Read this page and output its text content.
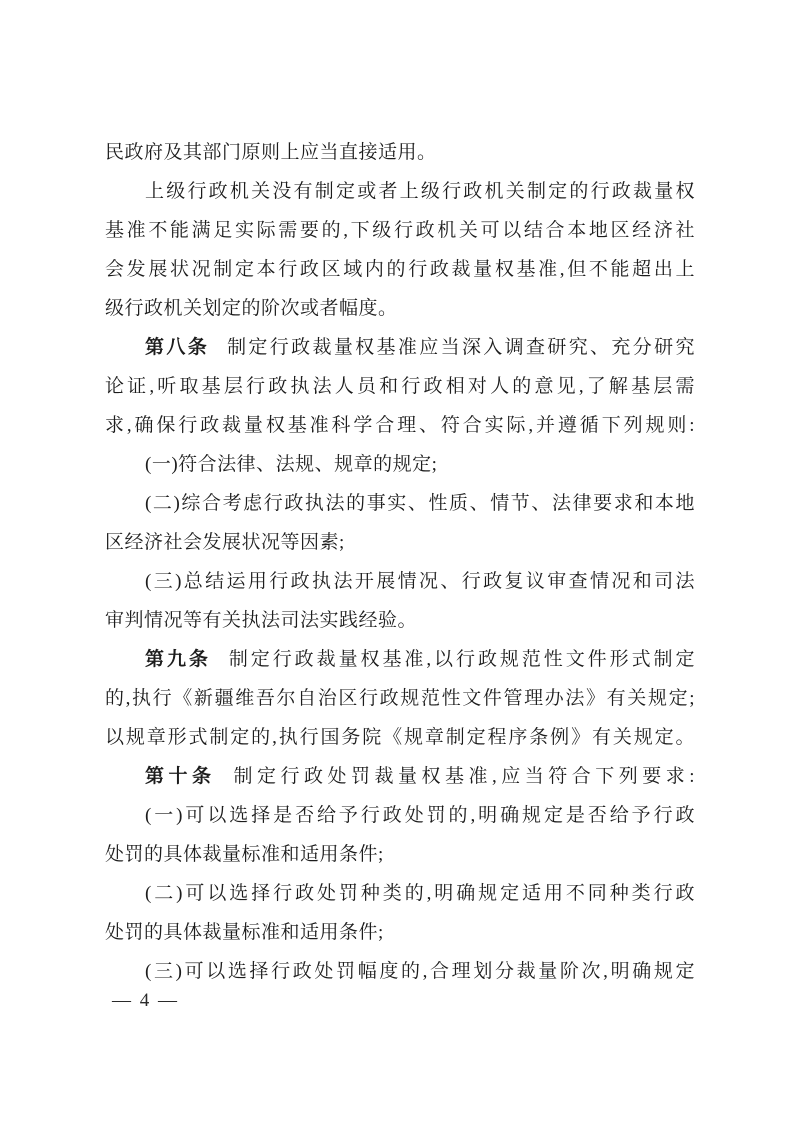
民政府及其部门原则上应当直接适用。
上级行政机关没有制定或者上级行政机关制定的行政裁量权
基准不能满足实际需要的,下级行政机关可以结合本地区经济社
会发展状况制定本行政区域内的行政裁量权基准,但不能超出上
级行政机关划定的阶次或者幅度。
第八条 制定行政裁量权基准应当深入调查研究、充分研究
论证,听取基层行政执法人员和行政相对人的意见,了解基层需
求,确保行政裁量权基准科学合理、符合实际,并遵循下列规则:
(一)符合法律、法规、规章的规定;
(二)综合考虑行政执法的事实、性质、情节、法律要求和本地
区经济社会发展状况等因素;
(三)总结运用行政执法开展情况、行政复议审查情况和司法
审判情况等有关执法司法实践经验。
第九条 制定行政裁量权基准,以行政规范性文件形式制定
的,执行《新疆维吾尔自治区行政规范性文件管理办法》有关规定;
以规章形式制定的,执行国务院《规章制定程序条例》有关规定。
第十条 制定行政处罚裁量权基准,应当符合下列要求:
(一)可以选择是否给予行政处罚的,明确规定是否给予行政
处罚的具体裁量标准和适用条件;
(二)可以选择行政处罚种类的,明确规定适用不同种类行政
处罚的具体裁量标准和适用条件;
(三)可以选择行政处罚幅度的,合理划分裁量阶次,明确规定
— 4 —
